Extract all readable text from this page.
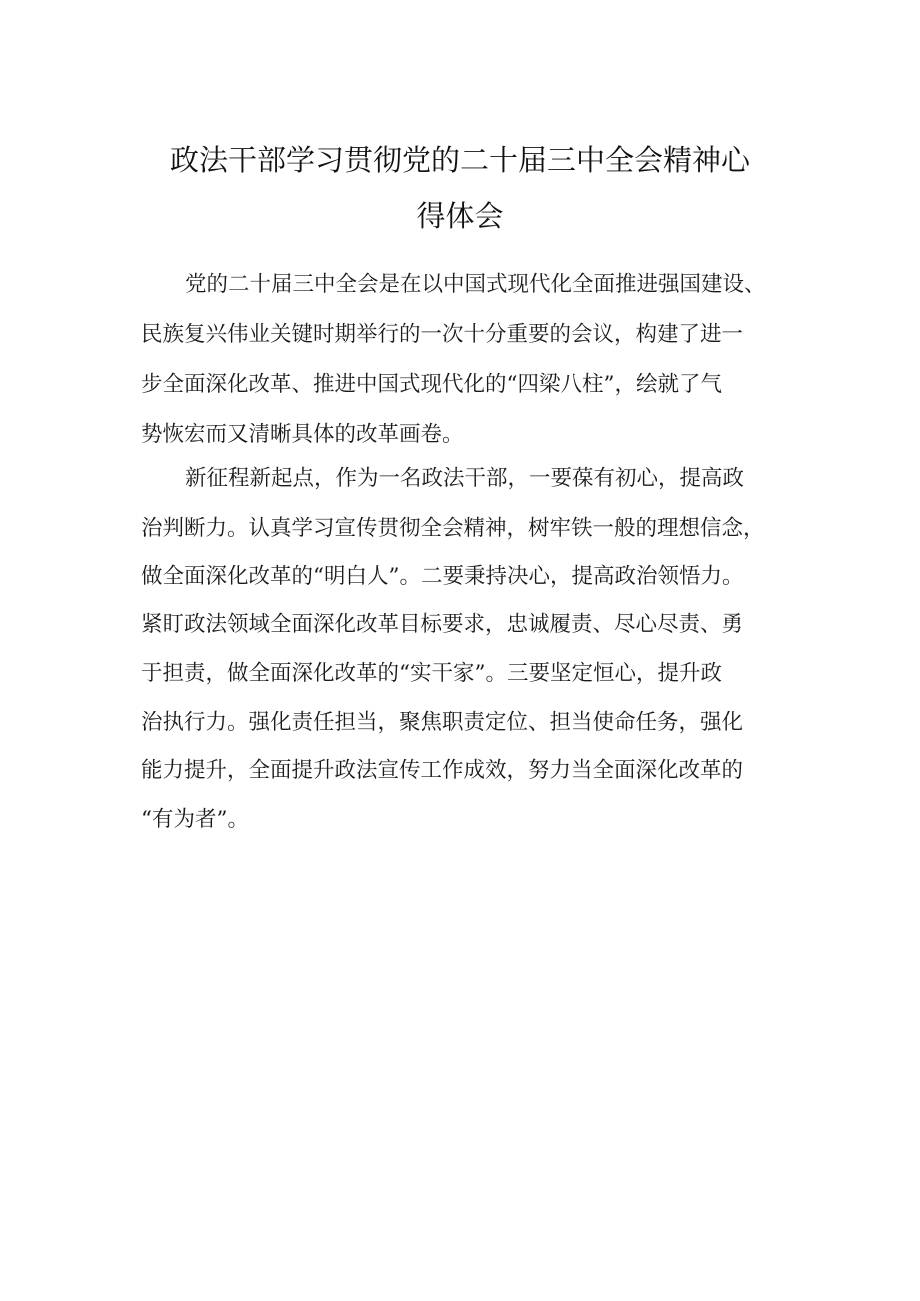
政法干部学习贯彻党的二十届三中全会精神心
得体会

党的二十届三中全会是在以中国式现代化全面推进强国建设、

民族复兴伟业关键时期举行的一次十分重要的会议，构建了进一

步全面深化改革、推进中国式现代化的“四梁八柱”，绘就了气

势恢宏而又清晰具体的改革画卷。

新征程新起点，作为一名政法干部，一要葆有初心，提高政

治判断力。认真学习宣传贯彻全会精神，树牢铁一般的理想信念，

做全面深化改革的“明白人”。二要秉持决心，提高政治领悟力。

紧盯政法领域全面深化改革目标要求，忠诚履责、尽心尽责、勇

于担责，做全面深化改革的“实干家”。三要坚定恒心，提升政

治执行力。强化责任担当，聚焦职责定位、担当使命任务，强化

能力提升，全面提升政法宣传工作成效，努力当全面深化改革的

“有为者”。
